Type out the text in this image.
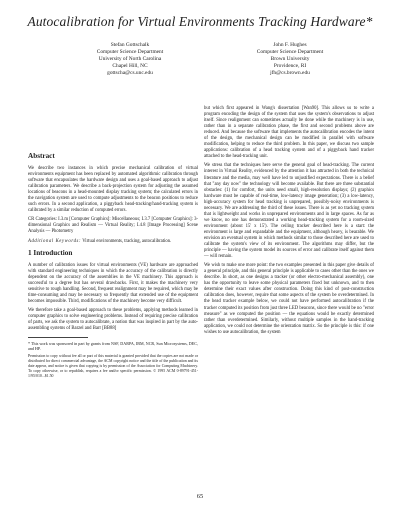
Autocalibration for Virtual Environments Tracking Hardware*
Stefan Gottschalk
Computer Science Department
University of North Carolina
Chapel Hill, NC
gottscha@cs.unc.edu
John F. Hughes
Computer Science Department
Brown University
Providence, RI
jfh@cs.brown.edu
Abstract

We describe two instances in which precise mechanical calibration of virtual environments equipment has been replaced by automated algorithmic calibration through software that encapsulates the hardware design and uses a goal-based approach to adjust calibration parameters. We describe a back-projection system for adjusting the assumed locations of beacons in a head-mounted display tracking system; the calculated errors in the navigation system are used to compute adjustments to the beacon positions to reduce such errors. In a second application, a piggyback head-tracking/hand-tracking system is calibrated by a similar reduction of computed errors.

CR Categories: I.3.m [Computer Graphics]: Miscellaneous; I.3.7 [Computer Graphics]: 3-dimensional Graphics and Realism — Virtual Reality; I.4.8 [Image Processing] Scene Analysis — Photometry

Additional Keywords: Virtual environments, tracking, autocalibration.

1 Introduction

A number of calibration issues for virtual environments (VE) hardware are approached with standard engineering techniques in which the accuracy of the calibration is directly dependent on the accuracy of the assemblies in the VE machinery. This approach is successful to a degree but has several drawbacks. First, it makes the machinery very sensitive to rough handling. Second, frequent realignment may be required, which may be time-consuming and may be necessary so frequently that extended use of the equipment becomes impossible. Third, modifications of the machinery become very difficult.

We therefore take a goal-based approach to these problems, applying methods learned in computer graphics to solve engineering problems. Instead of requiring precise calibration of parts, we ask the system to autocalibrate, a notion that was inspired in part by the auto-assembling systems of Barzel and Barr [BB88]

* This work was sponsored in part by grants from NSF, DARPA, IBM, NCR, Sun Microsystems, DEC, and HP.
Permission to copy without fee all or part of this material is granted provided that the copies are not made or distributed for direct commercial advantage, the ACM copyright notice and the title of the publication and its date appear, and notice is given that copying is by permission of the Association for Computing Machinery. To copy otherwise, or to republish, requires a fee and/or specific permission. © 1995 ACM 0-89791-451-1/95/010...$1.50

but which first appeared in Wang's dissertation [Wan90]. This allows us to write a program encoding the design of the system that uses the system's observations to adjust itself. Since realignment can sometimes actually be done while the machinery is in use, rather than in a separate calibration phase, the first and second problems above are reduced. And because the software that implements the autocalibration encodes the intent of the design, the mechanical design can be modified in parallel with software modification, helping to reduce the third problem. In this paper, we discuss two sample applications: calibration of a head tracking system and of a piggyback hand tracker attached to the head-tracking unit.

We stress that the techniques here serve the general goal of head-tracking. The current interest in Virtual Reality, evidenced by the attention it has attracted in both the technical literature and the media, may well have led to unjustified expectations. There is a belief that "any day now" the technology will become available. But there are three substantial obstacles: (1) for comfort, the units need small, high-resolution displays; (2) graphics hardware must be capable of real-time, low-latency image generation; (3) a low-latency, high-accuracy system for head tracking is unprepared, possibly-noisy environments is necessary. We are addressing the third of these issues. There is as yet no tracking system that is lightweight and works in unprepared environments and in large spaces. As far as we know, no one has demonstrated a working head-tracking system for a room-sized environment (about 15' x 15'). The ceiling tracker described here is a start: the environment is large and expandable and the equipment, although heavy, is bearable. We envision an eventual system in which methods similar to those described here are used to calibrate the system's view of its environment. The algorithms may differ, but the principle — having the system model its sources of error and calibrate itself against them — will remain.

We wish to make one more point: the two examples presented in this paper give details of a general principle, and this general principle is applicable to cases other than the ones we describe. In short, as one designs a tracker (or other electro-mechanical assembly), one has the opportunity to leave some physical parameters fixed but unknown, and to then determine their exact values after construction. Doing this kind of post-construction calibration does, however, require that some aspects of the system be overdetermined. In the head tracker example below, we could not have performed autocalibration if the tracker computed its position from just three LED beacons, since there would be no "error measure" as we computed the position — the equations would be exactly determined rather than overdetermined. Similarly, without multiple samples in the hand-tracking application, we could not determine the orientation matrix. So the principle is this: if one wishes to use autocalibration, the system

65
